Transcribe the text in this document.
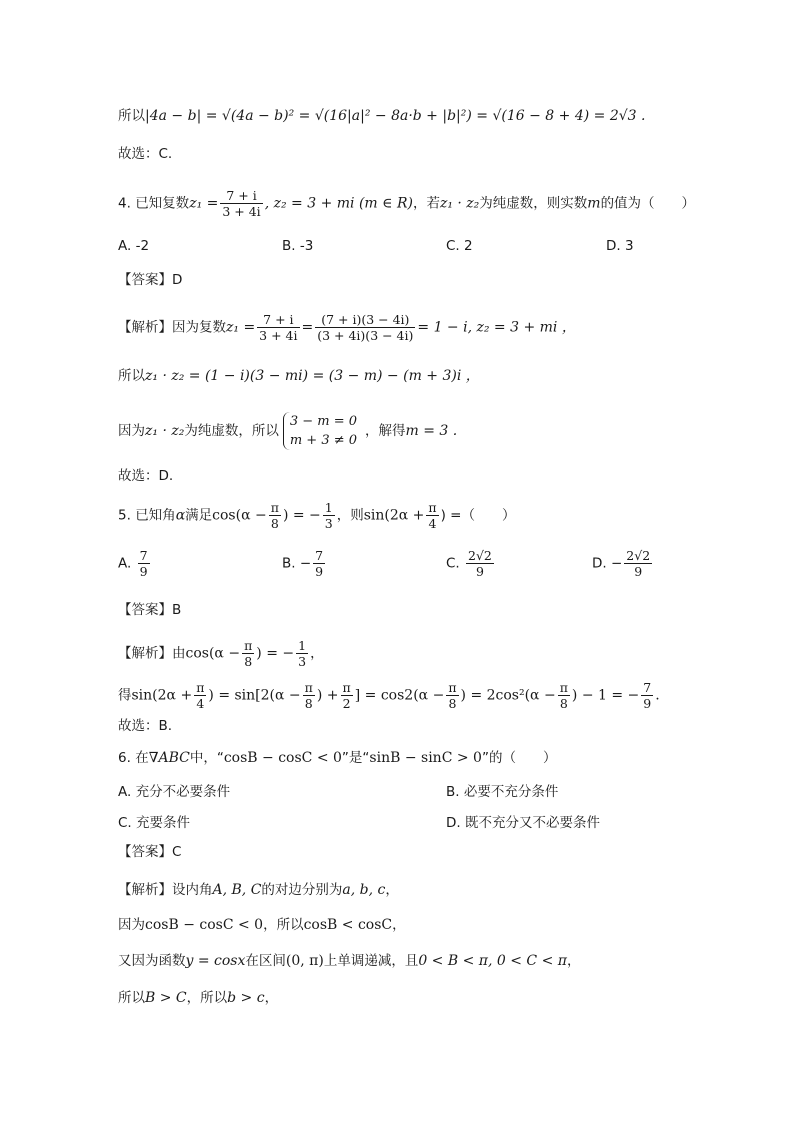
所以|4a − b| = √(4a − b)² = √(16|a|² − 8a·b + |b|²) = √(16 − 8 + 4) = 2√3 .
故选：C.
4. 已知复数$z_1 = \frac{7 + i}{3 + 4i}$ , z₂ = 3 + mi (m ∈ R)，若z₁ · z₂为纯虚数，则实数m的值为（　　）
A. -2	B. -3	C. 2	D. 3
【答案】D
【解析】因为复数$z_1 = \frac{7 + i}{3 + 4i} = \frac{(7 + i)(3 - 4i)}{(3 + 4i)(3 - 4i)} = 1 - i$, z₂ = 3 + mi ，
所以z₁ · z₂ = (1 − i)(3 − mi) = (3 − m) − (m + 3)i ，
因为z₁ · z₂为纯虚数，所以
3 − m = 0
m + 3 ≠ 0
，解得m = 3 .
故选：D.
5. 已知角α满足$\cos(\alpha - \frac{\pi}{8}$ ) = − $\frac{1}{3}$ ，则$\sin(2\alpha + \frac{\pi}{4}$ ) =（　　）
A. $\frac{7}{9}$	B. − $\frac{7}{9}$	C. $\frac{2√2}{9}$	D. − $\frac{2√2}{9}$
【答案】B
【解析】由$\cos(\alpha - \frac{\pi}{8}$ ) = − $\frac{1}{3}$ ，
得$\sin(2\alpha + \frac{\pi}{4}$ ) = $\sin[2(\alpha - \frac{\pi}{8}$ ) + $\frac{\pi}{2}$ ] = $\cos 2(\alpha - \frac{\pi}{8}$ ) = $2\cos^2(\alpha - \frac{\pi}{8}$ ) − 1 = − $\frac{7}{9}$ .
故选：B.
6. 在∇ABC中，“cosB − cosC < 0”是“sinB − sinC > 0”的（　　）
A. 充分不必要条件	B. 必要不充分条件
C. 充要条件	D. 既不充分又不必要条件
【答案】C
【解析】设内角A, B, C的对边分别为a, b, c，
因为cosB − cosC < 0，所以cosB < cosC，
又因为函数y = cosx在区间(0, π)上单调递减，且0 < B < π, 0 < C < π，
所以B > C，所以b > c，
